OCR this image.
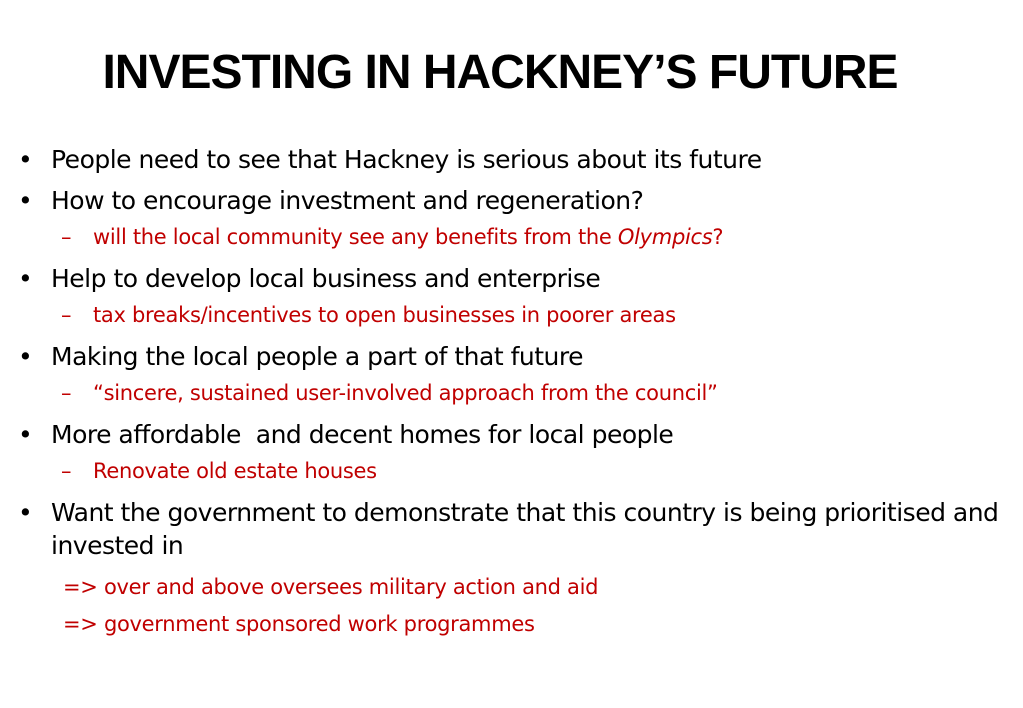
INVESTING IN HACKNEY’S FUTURE
• People need to see that Hackney is serious about its future
• How to encourage investment and regeneration?
– will the local community see any benefits from the Olympics?
• Help to develop local business and enterprise
– tax breaks/incentives to open businesses in poorer areas
• Making the local people a part of that future
– “sincere, sustained user-involved approach from the council”
• More affordable  and decent homes for local people
– Renovate old estate houses
• Want the government to demonstrate that this country is being prioritised and invested in
=> over and above oversees military action and aid
=> government sponsored work programmes
